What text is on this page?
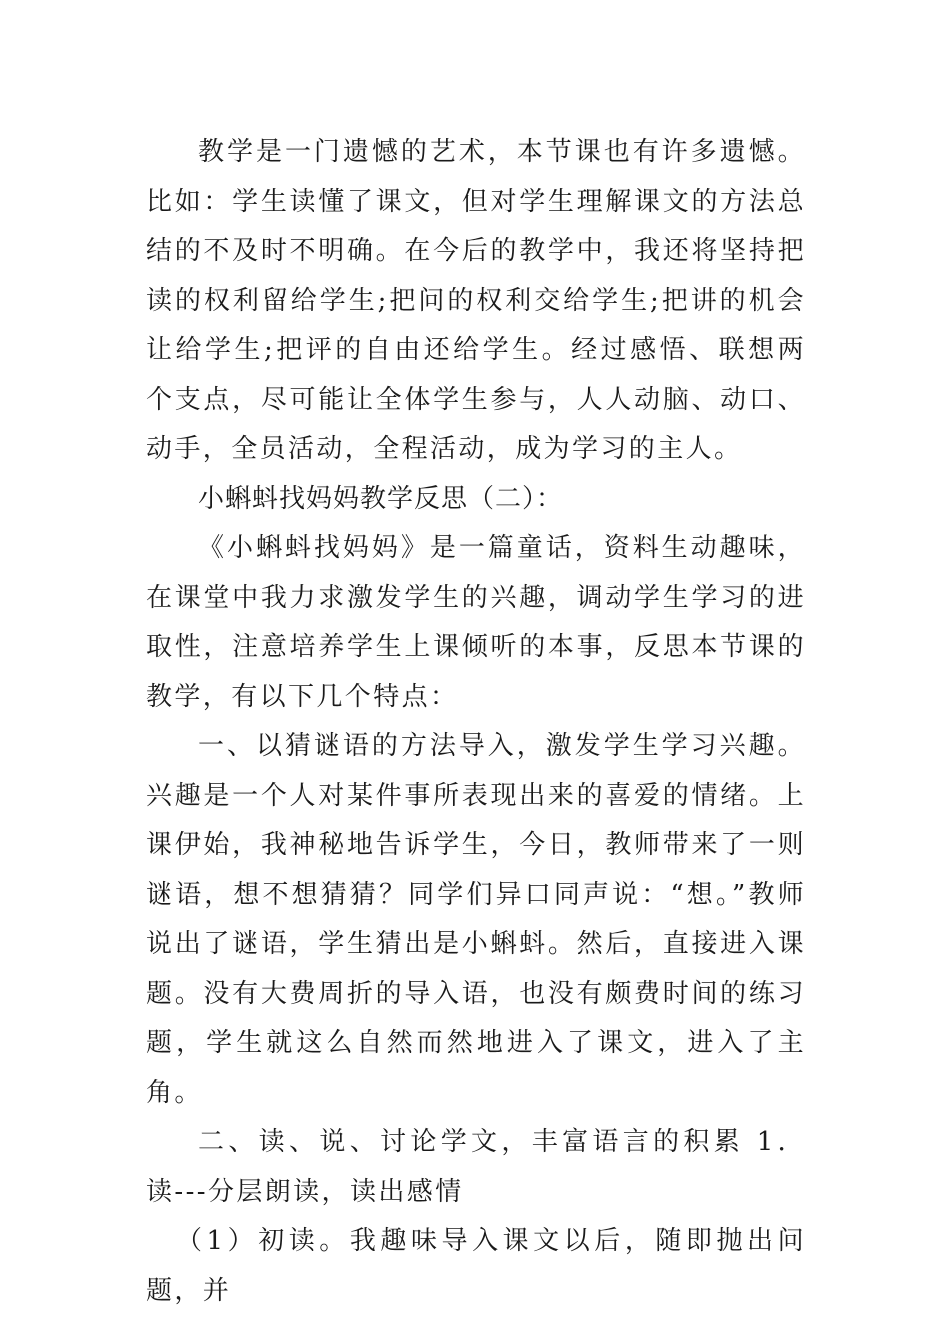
教学是一门遗憾的艺术，本节课也有许多遗憾。比如：学生读懂了课文，但对学生理解课文的方法总结的不及时不明确。在今后的教学中，我还将坚持把读的权利留给学生;把问的权利交给学生;把讲的机会让给学生;把评的自由还给学生。经过感悟、联想两个支点，尽可能让全体学生参与，人人动脑、动口、动手，全员活动，全程活动，成为学习的主人。

小蝌蚪找妈妈教学反思（二）：

《小蝌蚪找妈妈》是一篇童话，资料生动趣味，在课堂中我力求激发学生的兴趣，调动学生学习的进取性，注意培养学生上课倾听的本事，反思本节课的教学，有以下几个特点：

一、以猜谜语的方法导入，激发学生学习兴趣。兴趣是一个人对某件事所表现出来的喜爱的情绪。上课伊始，我神秘地告诉学生，今日，教师带来了一则谜语，想不想猜猜？同学们异口同声说：“想。”教师说出了谜语，学生猜出是小蝌蚪。然后，直接进入课题。没有大费周折的导入语，也没有颇费时间的练习题，学生就这么自然而然地进入了课文，进入了主角。

二、读、说、讨论学文，丰富语言的积累 1．读---分层朗读，读出感情

（1）初读。我趣味导入课文以后，随即抛出问题，并
